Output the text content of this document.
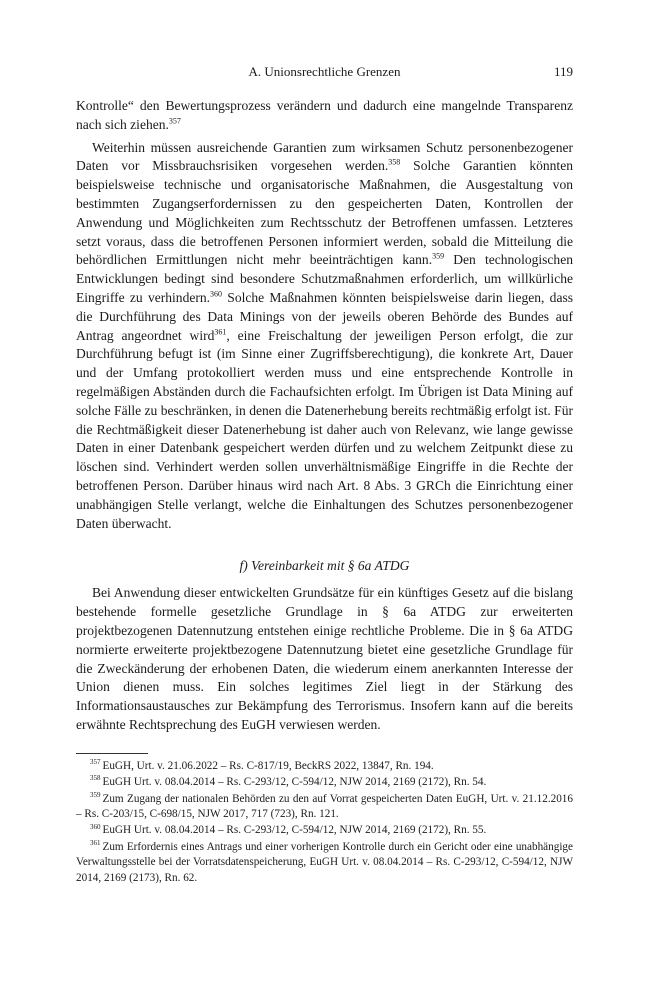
A. Unionsrechtliche Grenzen	119

Kontrolle“ den Bewertungsprozess verändern und dadurch eine mangelnde Transparenz nach sich ziehen.$^{357}$

Weiterhin müssen ausreichende Garantien zum wirksamen Schutz personenbezogener Daten vor Missbrauchsrisiken vorgesehen werden.$^{358}$ Solche Garantien könnten beispielsweise technische und organisatorische Maßnahmen, die Ausgestaltung von bestimmten Zugangserfordernissen zu den gespeicherten Daten, Kontrollen der Anwendung und Möglichkeiten zum Rechtsschutz der Betroffenen umfassen. Letzteres setzt voraus, dass die betroffenen Personen informiert werden, sobald die Mitteilung die behördlichen Ermittlungen nicht mehr beeinträchtigen kann.$^{359}$ Den technologischen Entwicklungen bedingt sind besondere Schutzmaßnahmen erforderlich, um willkürliche Eingriffe zu verhindern.$^{360}$ Solche Maßnahmen könnten beispielsweise darin liegen, dass die Durchführung des Data Minings von der jeweils oberen Behörde des Bundes auf Antrag angeordnet wird$^{361}$, eine Freischaltung der jeweiligen Person erfolgt, die zur Durchführung befugt ist (im Sinne einer Zugriffsberechtigung), die konkrete Art, Dauer und der Umfang protokolliert werden muss und eine entsprechende Kontrolle in regelmäßigen Abständen durch die Fachaufsichten erfolgt. Im Übrigen ist Data Mining auf solche Fälle zu beschränken, in denen die Datenerhebung bereits rechtmäßig erfolgt ist. Für die Rechtmäßigkeit dieser Datenerhebung ist daher auch von Relevanz, wie lange gewisse Daten in einer Datenbank gespeichert werden dürfen und zu welchem Zeitpunkt diese zu löschen sind. Verhindert werden sollen unverhältnismäßige Eingriffe in die Rechte der betroffenen Person. Darüber hinaus wird nach Art. 8 Abs. 3 GRCh die Einrichtung einer unabhängigen Stelle verlangt, welche die Einhaltungen des Schutzes personenbezogener Daten überwacht.

f) Vereinbarkeit mit § 6a ATDG

Bei Anwendung dieser entwickelten Grundsätze für ein künftiges Gesetz auf die bislang bestehende formelle gesetzliche Grundlage in § 6a ATDG zur erweiterten projektbezogenen Datennutzung entstehen einige rechtliche Probleme. Die in § 6a ATDG normierte erweiterte projektbezogene Datennutzung bietet eine gesetzliche Grundlage für die Zweckänderung der erhobenen Daten, die wiederum einem anerkannten Interesse der Union dienen muss. Ein solches legitimes Ziel liegt in der Stärkung des Informationsaustausches zur Bekämpfung des Terrorismus. Insofern kann auf die bereits erwähnte Rechtsprechung des EuGH verwiesen werden.

$^{357}$ EuGH, Urt. v. 21.06.2022 – Rs. C-817/19, BeckRS 2022, 13847, Rn. 194.

$^{358}$ EuGH Urt. v. 08.04.2014 – Rs. C-293/12, C-594/12, NJW 2014, 2169 (2172), Rn. 54.

$^{359}$ Zum Zugang der nationalen Behörden zu den auf Vorrat gespeicherten Daten EuGH, Urt. v. 21.12.2016 – Rs. C-203/15, C-698/15, NJW 2017, 717 (723), Rn. 121.

$^{360}$ EuGH Urt. v. 08.04.2014 – Rs. C-293/12, C-594/12, NJW 2014, 2169 (2172), Rn. 55.

$^{361}$ Zum Erfordernis eines Antrags und einer vorherigen Kontrolle durch ein Gericht oder eine unabhängige Verwaltungsstelle bei der Vorratsdatenspeicherung, EuGH Urt. v. 08.04.2014 – Rs. C-293/12, C-594/12, NJW 2014, 2169 (2173), Rn. 62.
